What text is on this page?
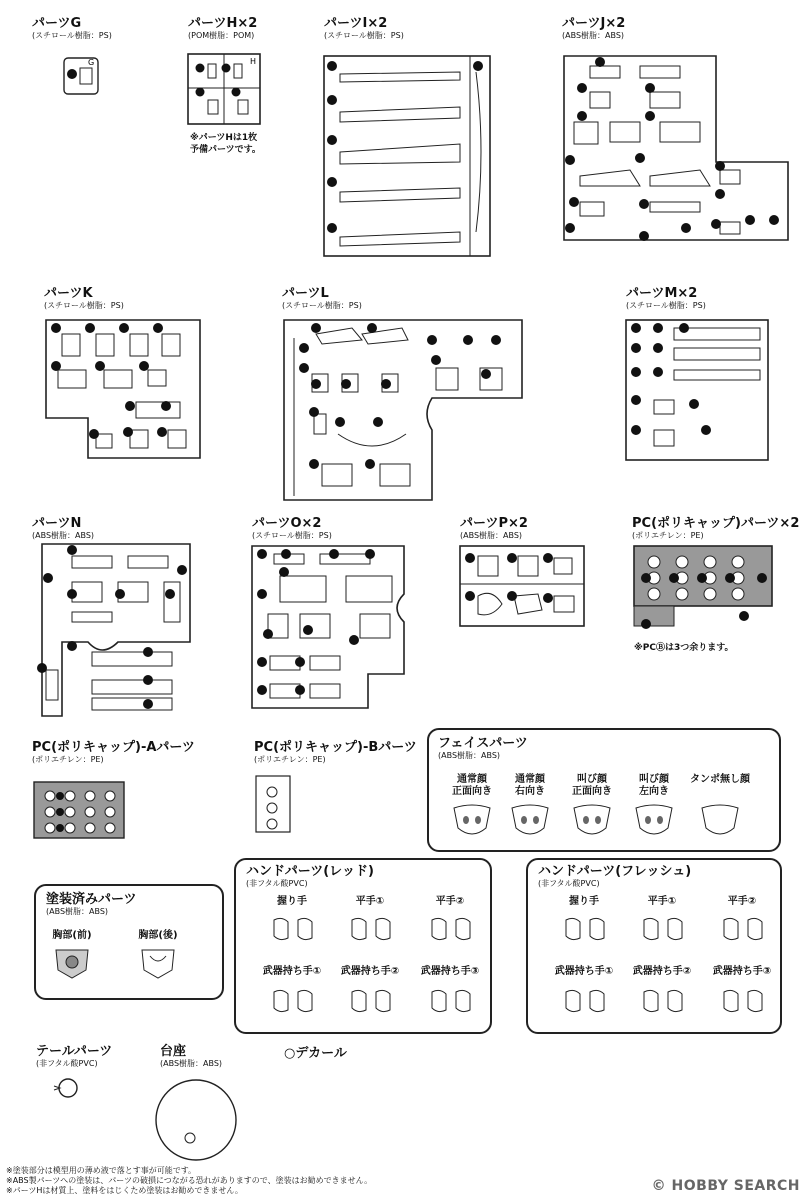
パーツG
(スチロール樹脂：PS)
G
パーツH×2
(POM樹脂：POM)
H
※パーツHは1枚
予備パーツです。
パーツI×2
(スチロール樹脂：PS)
パーツJ×2
(ABS樹脂：ABS)
パーツK
(スチロール樹脂：PS)
パーツL
(スチロール樹脂：PS)
パーツM×2
(スチロール樹脂：PS)
パーツN
(ABS樹脂：ABS)
パーツO×2
(スチロール樹脂：PS)
パーツP×2
(ABS樹脂：ABS)
PC(ポリキャップ)パーツ×2
(ポリエチレン：PE)
※PCⒷは3つ余ります。
PC(ポリキャップ)-Aパーツ
(ポリエチレン：PE)
PC(ポリキャップ)-Bパーツ
(ポリエチレン：PE)
フェイスパーツ
(ABS樹脂：ABS)
通常顔
正面向き
通常顔
右向き
叫び顔
正面向き
叫び顔
左向き
タンポ無し顔
塗装済みパーツ
(ABS樹脂：ABS)
胸部(前)	胸部(後)
ハンドパーツ(レッド)
(非フタル酸PVC)
握り手	平手①	平手②
武器持ち手①	武器持ち手②	武器持ち手③
ハンドパーツ(フレッシュ)
(非フタル酸PVC)
握り手	平手①	平手②
武器持ち手①	武器持ち手②	武器持ち手③
テールパーツ
(非フタル酸PVC)
台座
(ABS樹脂：ABS)
○デカール
※塗装部分は模型用の薄め液で落とす事が可能です。
※ABS製パーツへの塗装は、パーツの破損につながる恐れがありますので、塗装はお勧めできません。
※パーツHは材質上、塗料をはじくため塗装はお勧めできません。	© HOBBY SEARCH
